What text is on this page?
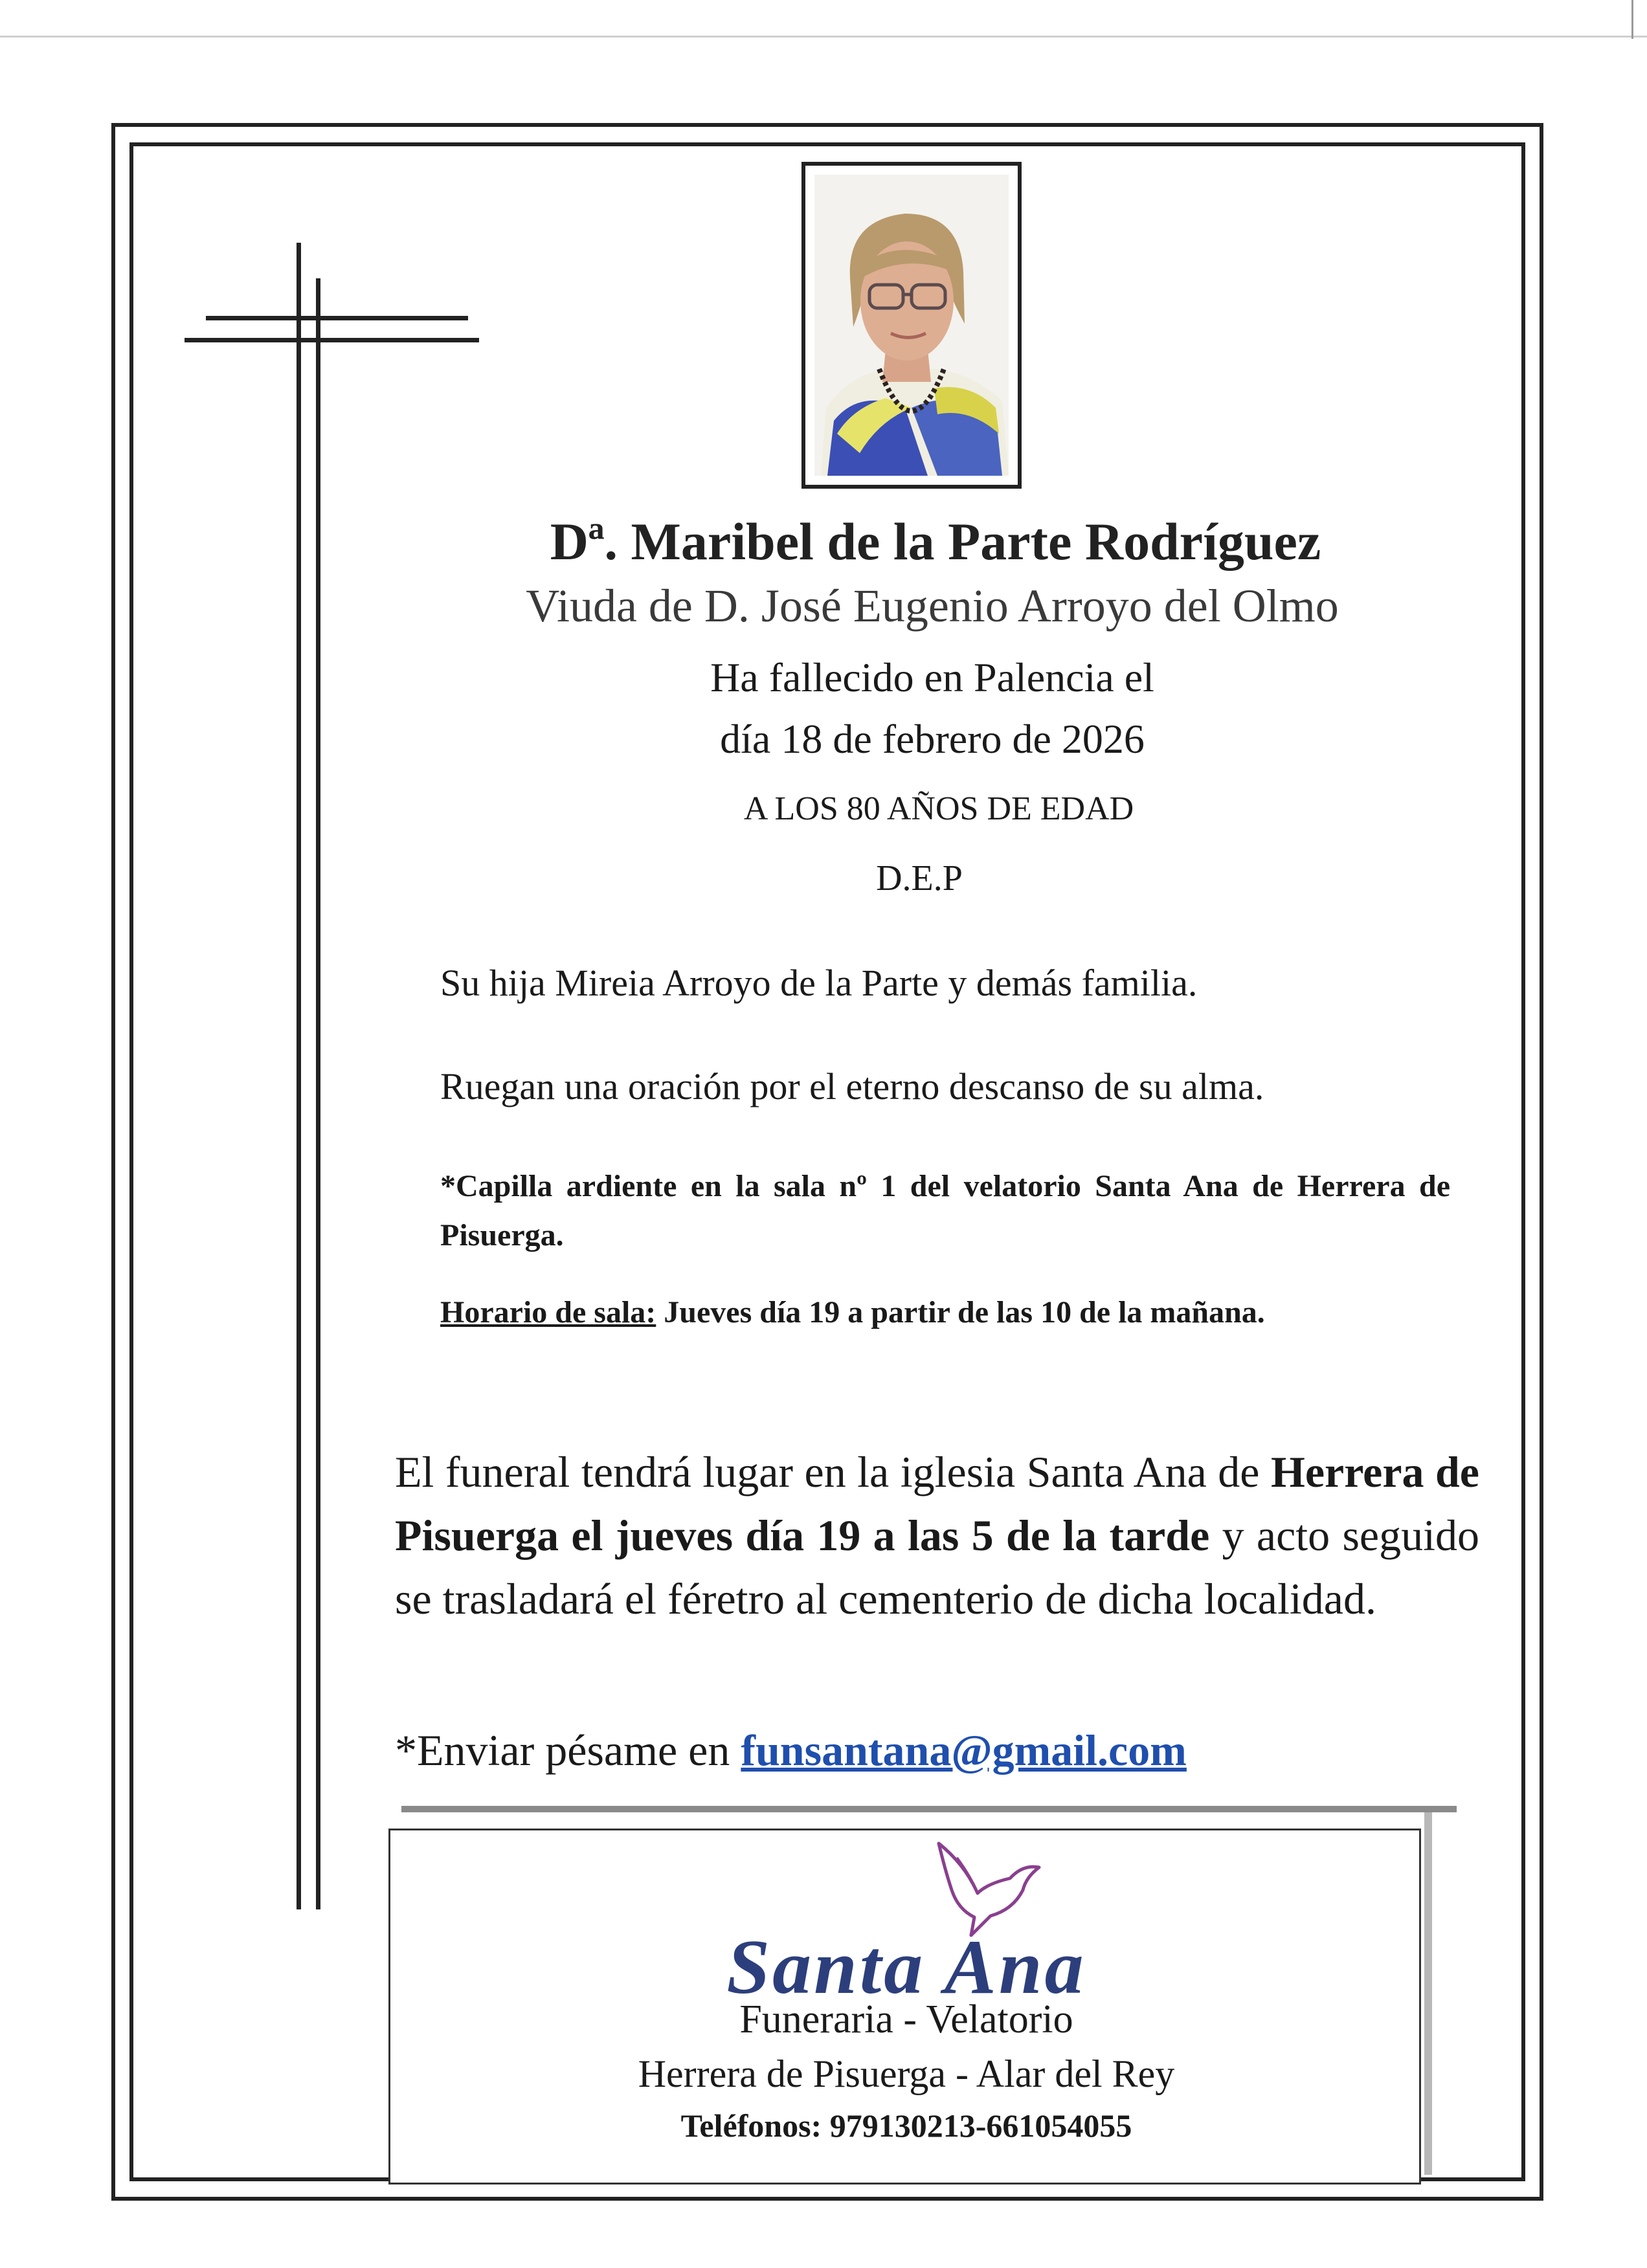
Dª. Maribel de la Parte Rodríguez
Viuda de D. José Eugenio Arroyo del Olmo
Ha fallecido en Palencia el
día 18 de febrero de 2026
A LOS 80 AÑOS DE EDAD
D.E.P
Su hija Mireia Arroyo de la Parte y demás familia.
Ruegan una oración por el eterno descanso de su alma.
*Capilla ardiente en la sala nº 1 del velatorio Santa Ana de Herrera de Pisuerga.
Horario de sala: Jueves día 19 a partir de las 10 de la mañana.
El funeral tendrá lugar en la iglesia Santa Ana de Herrera de Pisuerga el jueves día 19 a las 5 de la tarde y acto seguido se trasladará el féretro al cementerio de dicha localidad.
*Enviar pésame en funsantana@gmail.com
Santa Ana
Funeraria - Velatorio
Herrera de Pisuerga - Alar del Rey
Teléfonos: 979130213-661054055
